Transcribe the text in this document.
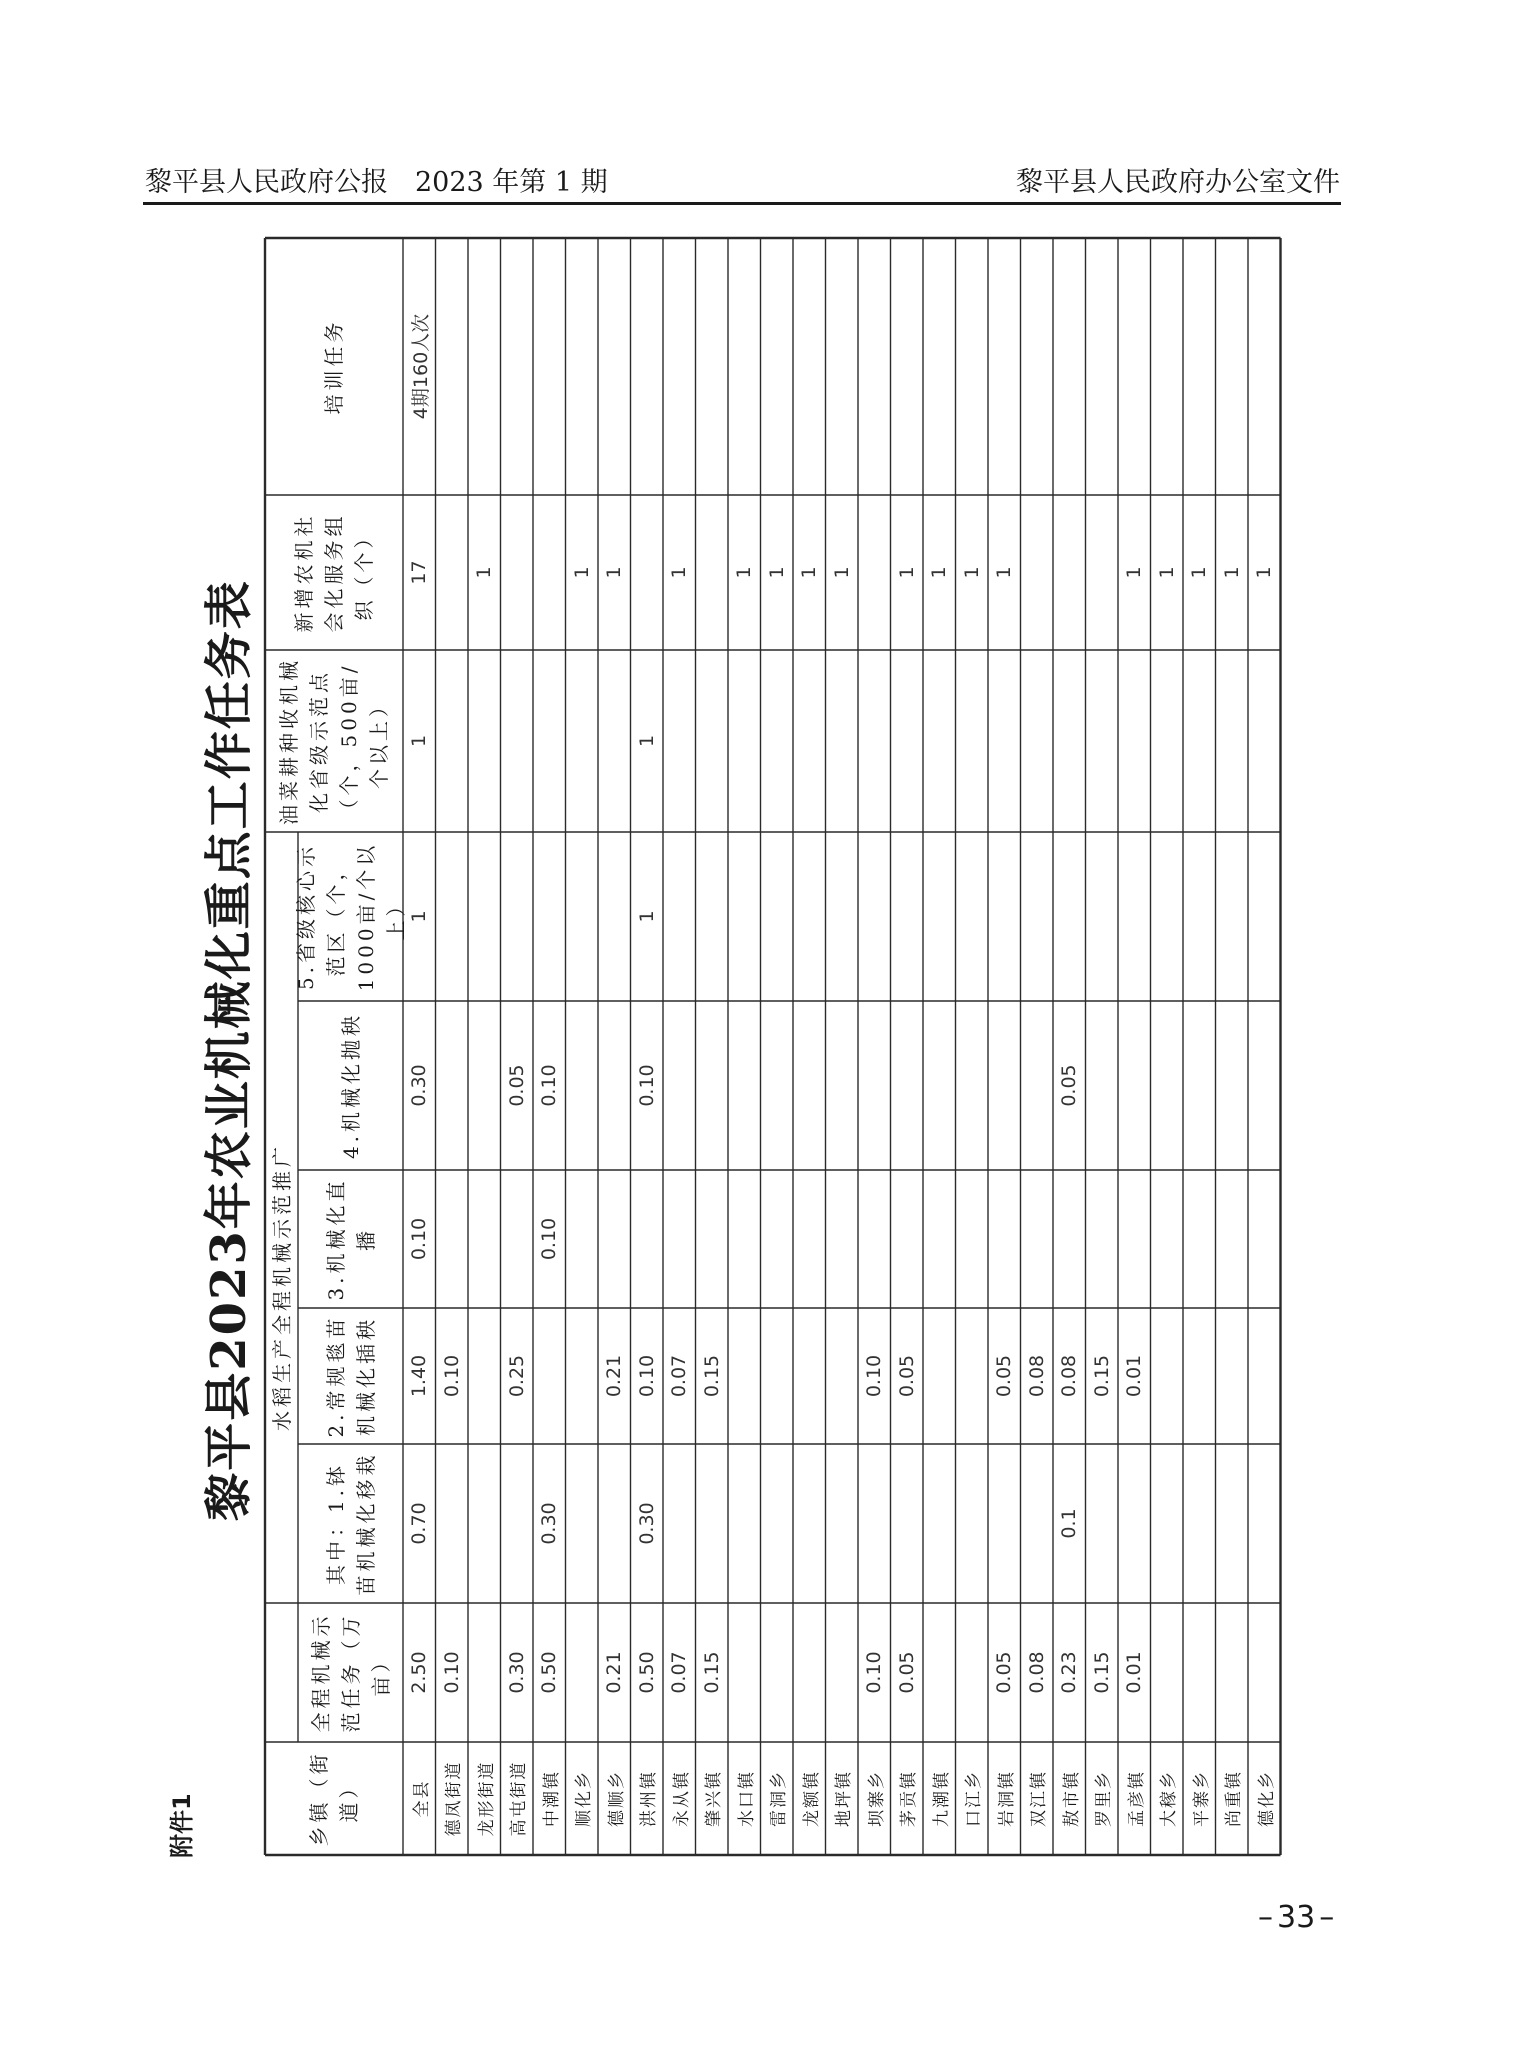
黎平县人民政府公报　2023 年第 1 期	黎平县人民政府办公室文件
附件1
黎平县2023年农业机械化重点工作任务表
乡镇（街道）
全程机械示范任务（万亩）
水稻生产全程机械示范推广
其中：1.钵苗机械化移栽
2.常规毯苗机械化插秧
3.机械化直播
4.机械化抛秧
5.省级核心示范区（个，1000亩/个以上）
油菜耕种收机械化省级示范点（个，500亩/个以上）
新增农机社会化服务组织（个）
培训任务
全县
2.50
0.70
1.40
0.10
0.30
1
1
17
4期160人次
德凤街道
0.10
0.10
龙形街道
1
高屯街道
0.30
0.25
0.05
中潮镇
0.50
0.30
0.10
0.10
顺化乡
1
德顺乡
0.21
0.21
1
洪州镇
0.50
0.30
0.10
0.10
1
1
永从镇
0.07
0.07
1
肇兴镇
0.15
0.15
水口镇
1
雷洞乡
1
龙额镇
1
地坪镇
1
坝寨乡
0.10
0.10
茅贡镇
0.05
0.05
1
九潮镇
1
口江乡
1
岩洞镇
0.05
0.05
1
双江镇
0.08
0.08
敖市镇
0.23
0.1
0.08
0.05
罗里乡
0.15
0.15
孟彦镇
0.01
0.01
1
大稼乡
1
平寨乡
1
尚重镇
1
德化乡
1
– 33 –
